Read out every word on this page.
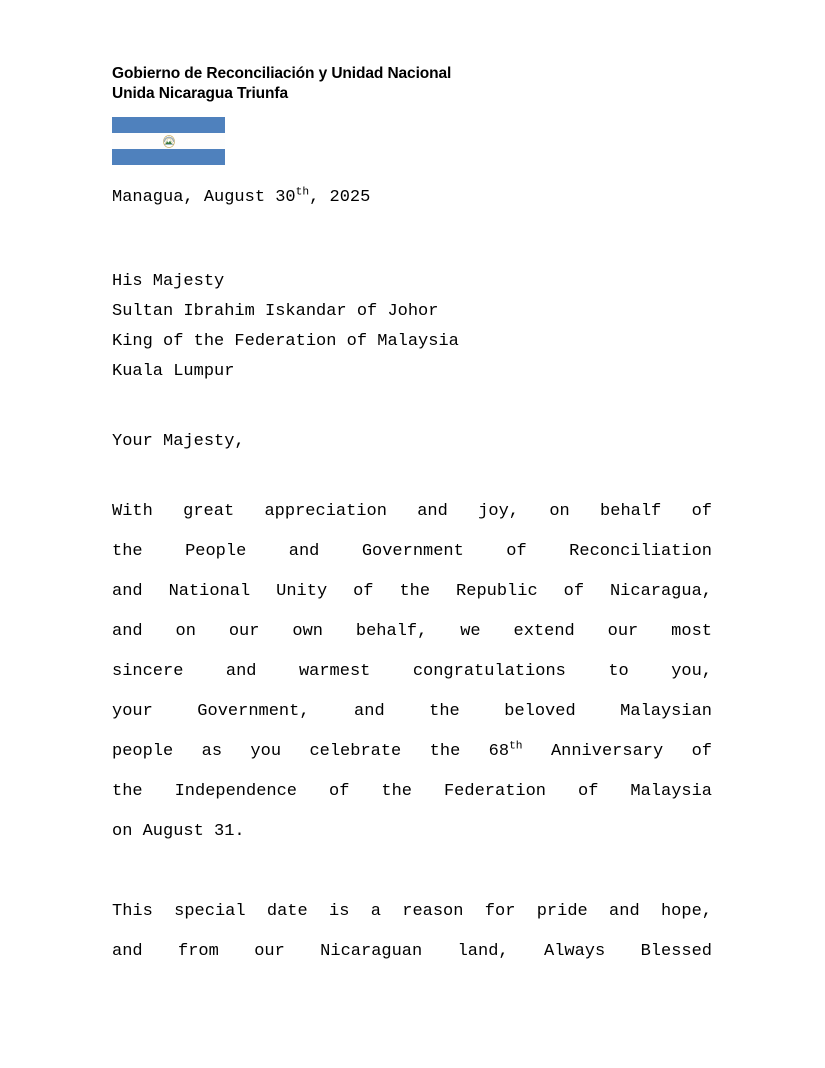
Gobierno de Reconciliación y Unidad Nacional
Unida Nicaragua Triunfa
Managua, August 30th, 2025
His Majesty
Sultan Ibrahim Iskandar of Johor
King of the Federation of Malaysia
Kuala Lumpur
Your Majesty,
With great appreciation and joy, on behalf of
the People and Government of Reconciliation
and National Unity of the Republic of Nicaragua,
and on our own behalf, we extend our most
sincere and warmest congratulations to you,
your Government, and the beloved Malaysian
people as you celebrate the 68th Anniversary of
the Independence of the Federation of Malaysia
on August 31.
This special date is a reason for pride and hope,
and from our Nicaraguan land, Always Blessed
